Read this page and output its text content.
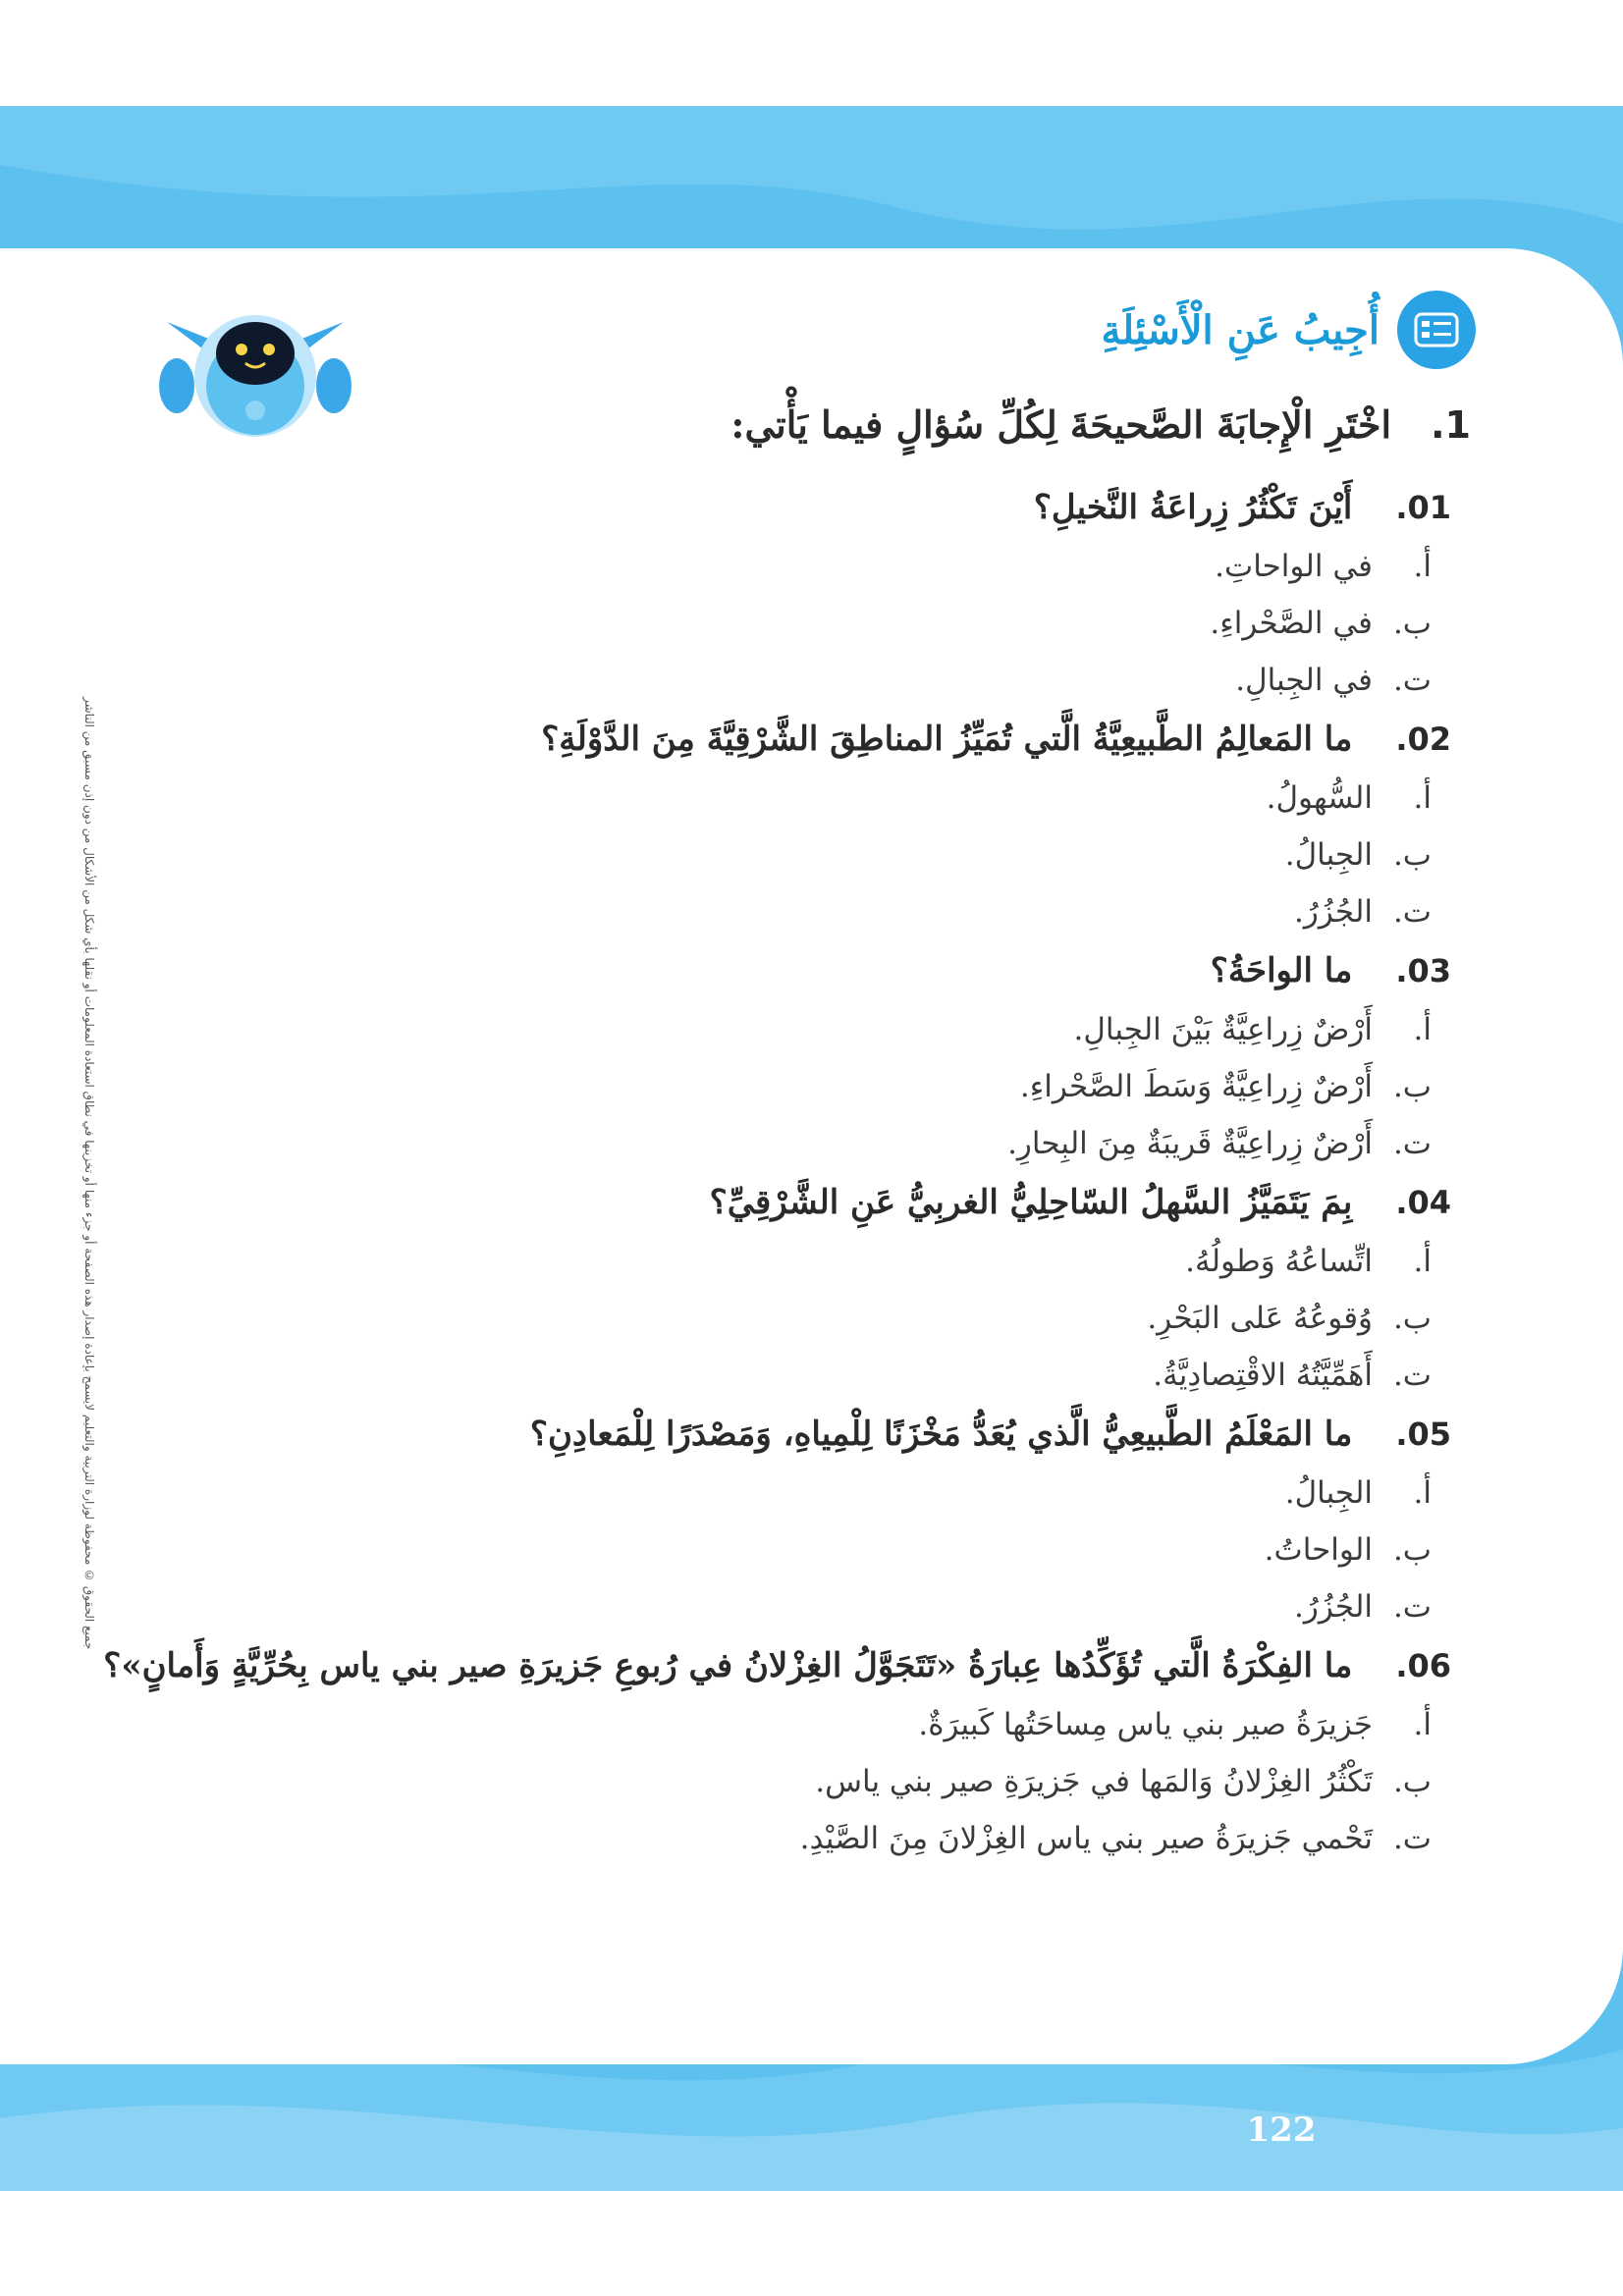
أُجِيبُ عَنِ الْأَسْئِلَةِ
1.
اخْتَرِ الْإِجابَةَ الصَّحيحَةَ لِكُلِّ سُؤالٍ فيما يَأْتي:
01.
أَيْنَ تَكْثُرُ زِراعَةُ النَّخيلِ؟
أ.
في الواحاتِ.
ب.
في الصَّحْراءِ.
ت.
في الجِبالِ.
02.
ما المَعالِمُ الطَّبيعِيَّةُ الَّتي تُمَيِّزُ المناطِقَ الشَّرْقِيَّةَ مِنَ الدَّوْلَةِ؟
أ.
السُّهولُ.
ب.
الجِبالُ.
ت.
الجُزُرُ.
03.
ما الواحَةُ؟
أ.
أَرْضٌ زِراعِيَّةٌ بَيْنَ الجِبالِ.
ب.
أَرْضٌ زِراعِيَّةٌ وَسَطَ الصَّحْراءِ.
ت.
أَرْضٌ زِراعِيَّةٌ قَريبَةٌ مِنَ البِحارِ.
04.
بِمَ يَتَمَيَّزُ السَّهلُ السّاحِلِيُّ الغربِيُّ عَنِ الشَّرْقِيِّ؟
أ.
اتِّساعُهُ وَطولُهُ.
ب.
وُقوعُهُ عَلى البَحْرِ.
ت.
أَهَمِّيَّتُهُ الاقْتِصادِيَّةُ.
05.
ما المَعْلَمُ الطَّبيعِيُّ الَّذي يُعَدُّ مَخْزَنًا لِلْمِياهِ، وَمَصْدَرًا لِلْمَعادِنِ؟
أ.
الجِبالُ.
ب.
الواحاتُ.
ت.
الجُزُرُ.
06.
ما الفِكْرَةُ الَّتي تُؤَكِّدُها عِبارَةُ «تَتَجَوَّلُ الغِزْلانُ في رُبوعِ جَزيرَةِ صير بني ياس بِحُرِّيَّةٍ وَأَمانٍ»؟
أ.
جَزيرَةُ صير بني ياس مِساحَتُها كَبيرَةٌ.
ب.
تَكْثُرُ الغِزْلانُ وَالمَها في جَزيرَةِ صير بني ياس.
ت.
تَحْمي جَزيرَةُ صير بني ياس الغِزْلانَ مِنَ الصَّيْدِ.
جميع الحقوق © محفوظة لوزارة التربية والتعليم لايسمح بإعادة إصدار هذه الصفحة أو جزء منها أو تخزينها في نطاق استعادة المعلومات أو نقلها بأي شكل من الأشكال من دون إذن مسبق من الناشر
122
